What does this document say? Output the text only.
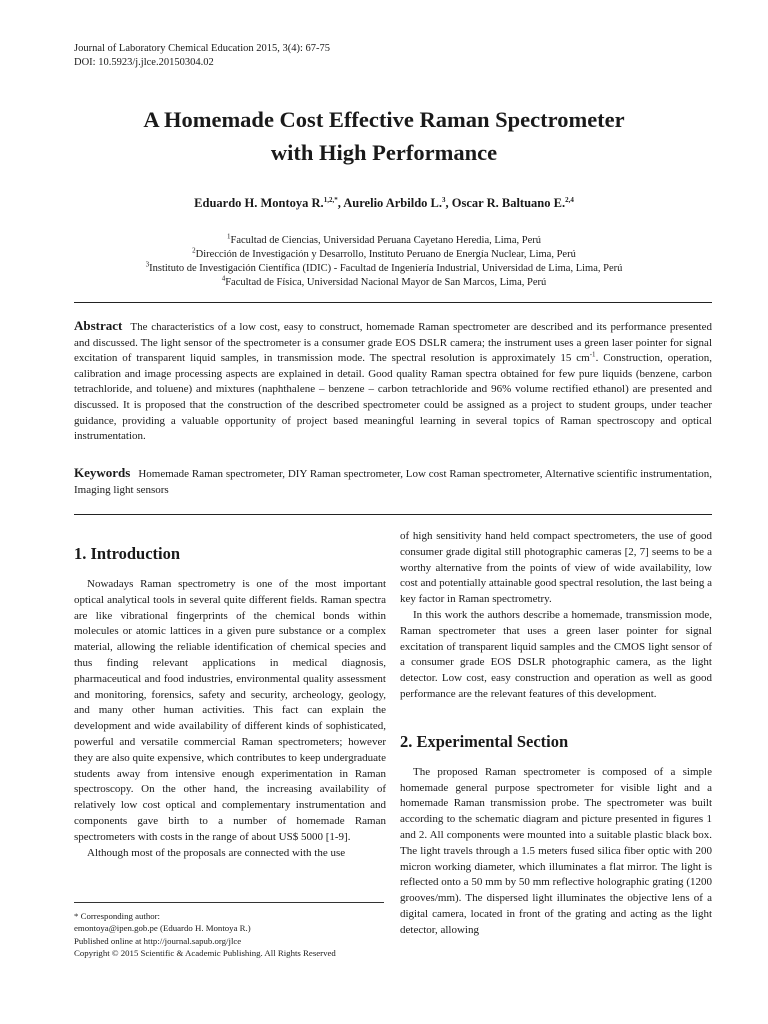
Journal of Laboratory Chemical Education 2015, 3(4): 67-75
DOI: 10.5923/j.jlce.20150304.02
A Homemade Cost Effective Raman Spectrometer
with High Performance
Eduardo H. Montoya R.$^{1,2,*}$, Aurelio Arbildo L.$^3$, Oscar R. Baltuano E.$^{2,4}$
$^1$Facultad de Ciencias, Universidad Peruana Cayetano Heredia, Lima, Perú
$^2$Dirección de Investigación y Desarrollo, Instituto Peruano de Energía Nuclear, Lima, Perú
$^3$Instituto de Investigación Científica (IDIC) - Facultad de Ingeniería Industrial, Universidad de Lima, Lima, Perú
$^4$Facultad de Física, Universidad Nacional Mayor de San Marcos, Lima, Perú
Abstract The characteristics of a low cost, easy to construct, homemade Raman spectrometer are described and its performance presented and discussed. The light sensor of the spectrometer is a consumer grade EOS DSLR camera; the instrument uses a green laser pointer for signal excitation of transparent liquid samples, in transmission mode. The spectral resolution is approximately 15 $cm^{-1}$. Construction, operation, calibration and image processing aspects are explained in detail. Good quality Raman spectra obtained for few pure liquids (benzene, carbon tetrachloride, and toluene) and mixtures (naphthalene – benzene – carbon tetrachloride and 96% volume rectified ethanol) are presented and discussed. It is proposed that the construction of the described spectrometer could be assigned as a project to student groups, under teacher guidance, providing a valuable opportunity of project based meaningful learning in several topics of Raman spectroscopy and optical instrumentation.
Keywords Homemade Raman spectrometer, DIY Raman spectrometer, Low cost Raman spectrometer, Alternative scientific instrumentation, Imaging light sensors
1. Introduction

Nowadays Raman spectrometry is one of the most important optical analytical tools in several quite different fields. Raman spectra are like vibrational fingerprints of the chemical bonds within molecules or atomic lattices in a given pure substance or a complex material, allowing the reliable identification of chemical species and thus finding relevant applications in medical diagnosis, pharmaceutical and food industries, environmental quality assessment and monitoring, forensics, safety and security, archeology, geology, and many other human activities. This fact can explain the development and wide availability of different kinds of sophisticated, powerful and versatile commercial Raman spectrometers; however they are also quite expensive, which contributes to keep undergraduate students away from intensive enough experimentation in Raman spectroscopy. On the other hand, the increasing availability of relatively low cost optical and complementary instrumentation and components gave birth to a number of homemade Raman spectrometers with costs in the range of about US$ 5000 [1-9].

Although most of the proposals are connected with the use

* Corresponding author:
emontoya@ipen.gob.pe (Eduardo H. Montoya R.)
Published online at http://journal.sapub.org/jlce
Copyright © 2015 Scientific & Academic Publishing. All Rights Reserved

of high sensitivity hand held compact spectrometers, the use of good consumer grade digital still photographic cameras [2, 7] seems to be a worthy alternative from the points of view of wide availability, low cost and potentially attainable good spectral resolution, the last being a key factor in Raman spectrometry.

In this work the authors describe a homemade, transmission mode, Raman spectrometer that uses a green laser pointer for signal excitation of transparent liquid samples and the CMOS light sensor of a consumer grade EOS DSLR photographic camera, as the light detector. Low cost, easy construction and operation as well as good performance are the relevant features of this development.

2. Experimental Section

The proposed Raman spectrometer is composed of a simple homemade general purpose spectrometer for visible light and a homemade Raman transmission probe. The spectrometer was built according to the schematic diagram and picture presented in figures 1 and 2. All components were mounted into a suitable plastic black box. The light travels through a 1.5 meters fused silica fiber optic with 200 micron working diameter, which illuminates a flat mirror. The light is reflected onto a 50 mm by 50 mm reflective holographic grating (1200 grooves/mm). The dispersed light illuminates the objective lens of a digital camera, located in front of the grating and acting as the light detector, allowing
